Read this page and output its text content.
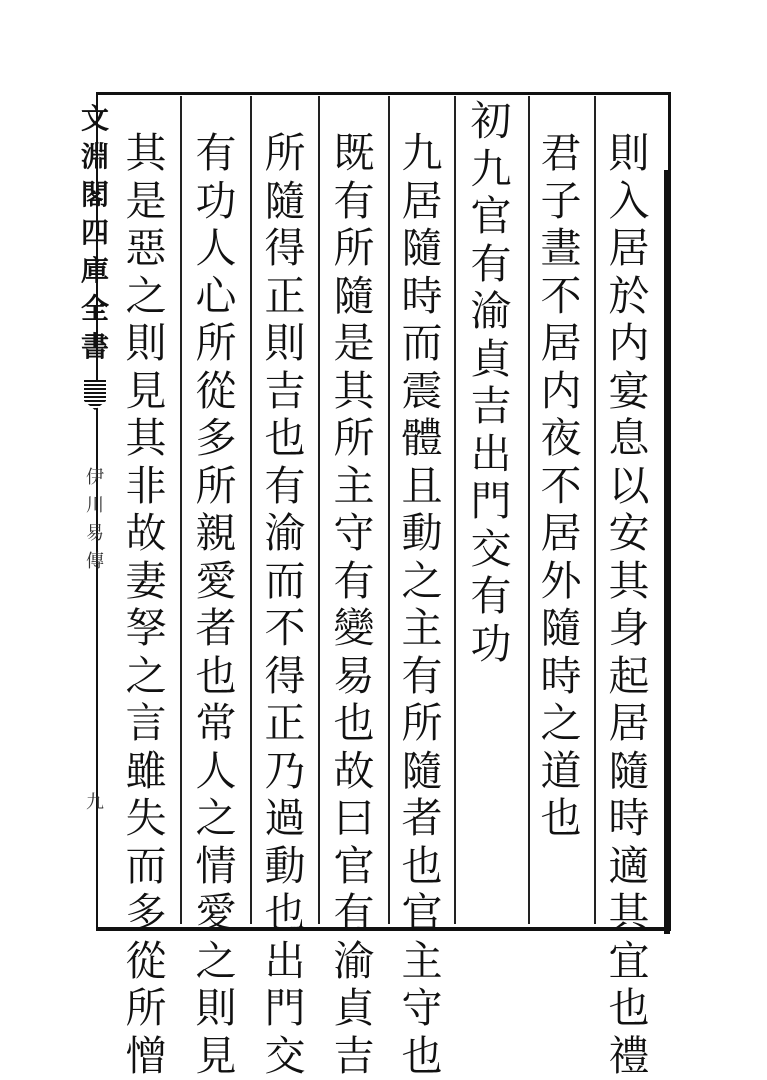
文
淵
閣
四
庫
全
書
伊
川
易
傳
九
則
入
居
於
内
宴
息
以
安
其
身
起
居
隨
時
適
其
宜
也
禮
君
子
晝
不
居
内
夜
不
居
外
隨
時
之
道
也
初
九
官
有
渝
貞
吉
出
門
交
有
功
九
居
隨
時
而
震
體
且
動
之
主
有
所
隨
者
也
官
主
守
也
既
有
所
隨
是
其
所
主
守
有
變
易
也
故
曰
官
有
渝
貞
吉
所
隨
得
正
則
吉
也
有
渝
而
不
得
正
乃
過
動
也
出
門
交
有
功
人
心
所
從
多
所
親
愛
者
也
常
人
之
情
愛
之
則
見
其
是
惡
之
則
見
其
非
故
妻
孥
之
言
雖
失
而
多
從
所
憎
